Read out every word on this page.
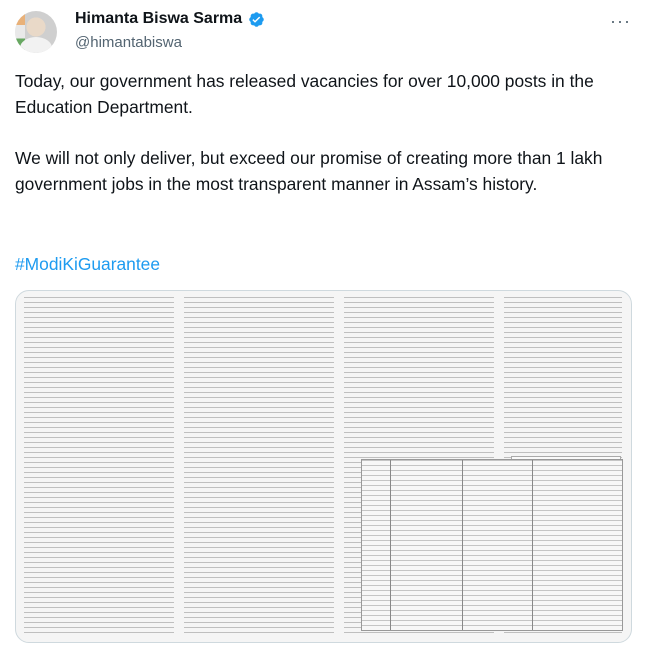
Himanta Biswa Sarma
@himantabiswa
···

Today, our government has released vacancies for over 10,000 posts in the Education Department.

We will not only deliver, but exceed our promise of creating more than 1 lakh government jobs in the most transparent manner in Assam’s history.

#ModiKiGuarantee
